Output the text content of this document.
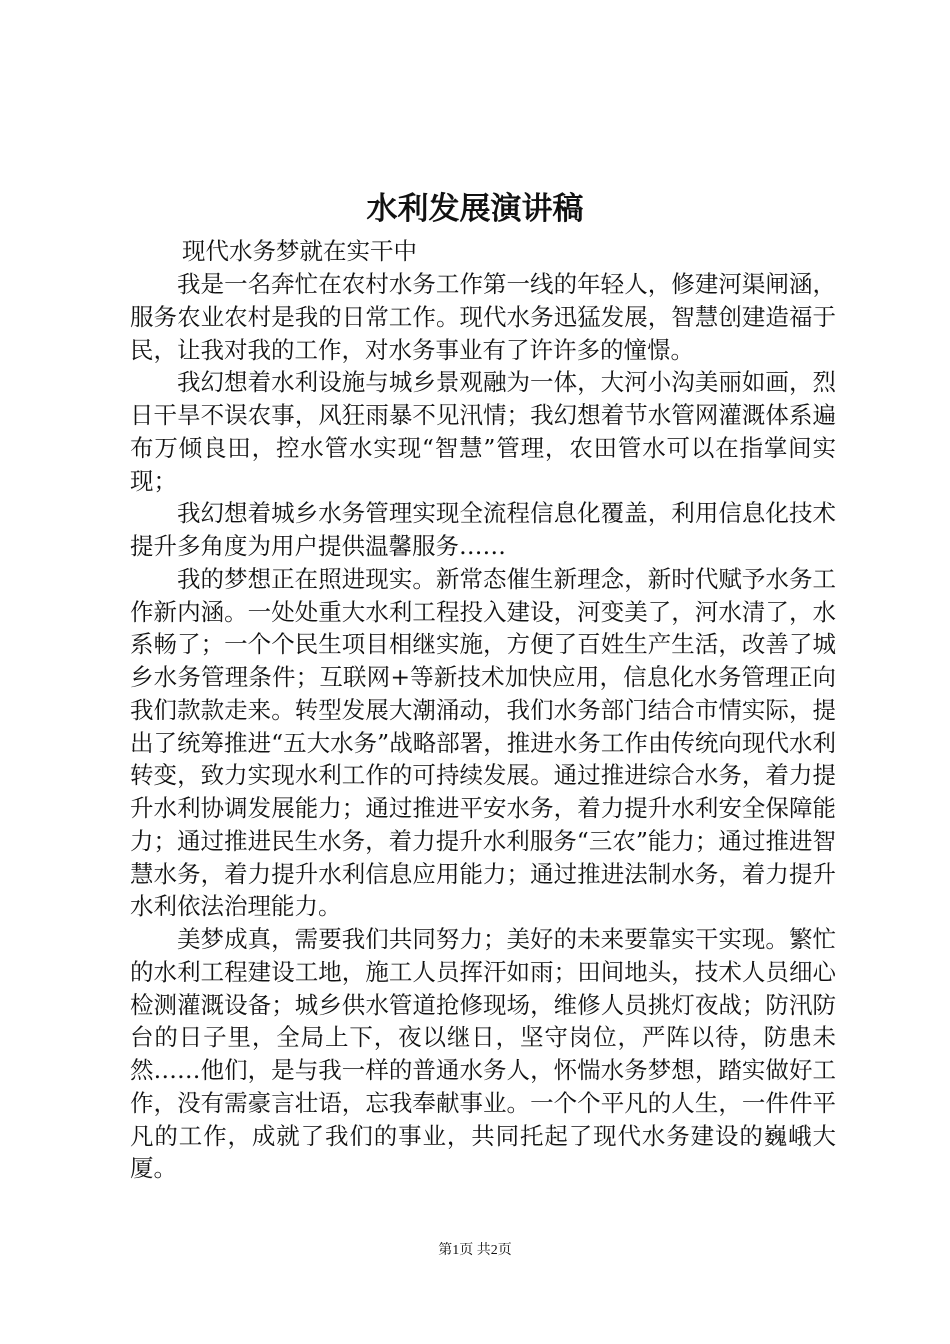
水利发展演讲稿
现代水务梦就在实干中

我是一名奔忙在农村水务工作第一线的年轻人，修建河渠闸涵，服务农业农村是我的日常工作。现代水务迅猛发展，智慧创建造福于民，让我对我的工作，对水务事业有了许许多的憧憬。

我幻想着水利设施与城乡景观融为一体，大河小沟美丽如画，烈日干旱不误农事，风狂雨暴不见汛情；我幻想着节水管网灌溉体系遍布万倾良田，控水管水实现“智慧”管理，农田管水可以在指掌间实现；

我幻想着城乡水务管理实现全流程信息化覆盖，利用信息化技术提升多角度为用户提供温馨服务……

我的梦想正在照进现实。新常态催生新理念，新时代赋予水务工作新内涵。一处处重大水利工程投入建设，河变美了，河水清了，水系畅了；一个个民生项目相继实施，方便了百姓生产生活，改善了城乡水务管理条件；互联网+等新技术加快应用，信息化水务管理正向我们款款走来。转型发展大潮涌动，我们水务部门结合市情实际，提出了统筹推进“五大水务”战略部署，推进水务工作由传统向现代水利转变，致力实现水利工作的可持续发展。通过推进综合水务，着力提升水利协调发展能力；通过推进平安水务，着力提升水利安全保障能力；通过推进民生水务，着力提升水利服务“三农”能力；通过推进智慧水务，着力提升水利信息应用能力；通过推进法制水务，着力提升水利依法治理能力。

美梦成真，需要我们共同努力；美好的未来要靠实干实现。繁忙的水利工程建设工地，施工人员挥汗如雨；田间地头，技术人员细心检测灌溉设备；城乡供水管道抢修现场，维修人员挑灯夜战；防汛防台的日子里，全局上下，夜以继日，坚守岗位，严阵以待，防患未然……他们，是与我一样的普通水务人，怀惴水务梦想，踏实做好工作，没有需豪言壮语，忘我奉献事业。一个个平凡的人生，一件件平凡的工作，成就了我们的事业，共同托起了现代水务建设的巍峨大厦。

第1页 共2页
